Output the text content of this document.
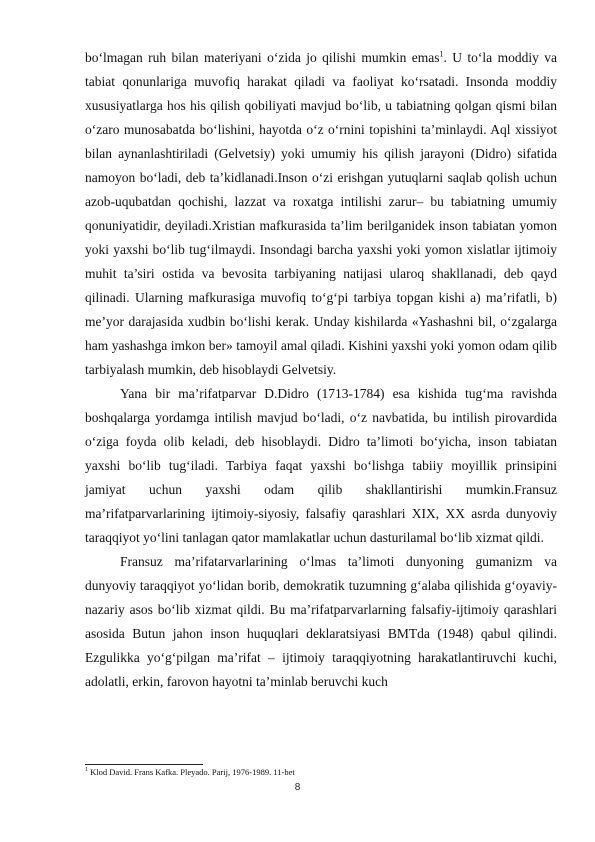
bo‘lmagan ruh bilan materiyani o‘zida jo qilishi mumkin emas$^1$. U to‘la moddiy va tabiat qonunlariga muvofiq harakat qiladi va faoliyat ko‘rsatadi. Insonda moddiy xususiyatlarga hos his qilish qobiliyati mavjud bo‘lib, u tabiatning qolgan qismi bilan o‘zaro munosabatda bo‘lishini, hayotda o‘z o‘rnini topishini ta’minlaydi. Aql xissiyot bilan aynanlashtiriladi (Gelvetsiy) yoki umumiy his qilish jarayoni (Didro) sifatida namoyon bo‘ladi, deb ta’kidlanadi.Inson o‘zi erishgan yutuqlarni saqlab qolish uchun azob-uqubatdan qochishi, lazzat va roxatga intilishi zarur– bu tabiatning umumiy qonuniyatidir, deyiladi.Xristian mafkurasida ta’lim berilganidek inson tabiatan yomon yoki yaxshi bo‘lib tug‘ilmaydi. Insondagi barcha yaxshi yoki yomon xislatlar ijtimoiy muhit ta’siri ostida va bevosita tarbiyaning natijasi ularoq shakllanadi, deb qayd qilinadi. Ularning mafkurasiga muvofiq to‘g‘pi tarbiya topgan kishi a) ma’rifatli, b) me’yor darajasida xudbin bo‘lishi kerak. Unday kishilarda «Yashashni bil, o‘zgalarga ham yashashga imkon ber» tamoyil amal qiladi. Kishini yaxshi yoki yomon odam qilib tarbiyalash mumkin, deb hisoblaydi Gelvetsiy.

Yana bir ma’rifatparvar D.Didro (1713-1784) esa kishida tug‘ma ravishda boshqalarga yordamga intilish mavjud bo‘ladi, o‘z navbatida, bu intilish pirovardida o‘ziga foyda olib keladi, deb hisoblaydi. Didro ta’limoti bo‘yicha, inson tabiatan yaxshi bo‘lib tug‘iladi. Tarbiya faqat yaxshi bo‘lishga tabiiy moyillik prinsipini jamiyat uchun yaxshi odam qilib shakllantirishi mumkin.Fransuz ma’rifatparvarlarining ijtimoiy-siyosiy, falsafiy qarashlari XIX, XX asrda dunyoviy taraqqiyot yo‘lini tanlagan qator mamlakatlar uchun dasturilamal bo‘lib xizmat qildi.

Fransuz ma’rifatarvarlarining o‘lmas ta’limoti dunyoning gumanizm va dunyoviy taraqqiyot yo‘lidan borib, demokratik tuzumning g‘alaba qilishida g‘oyaviy-nazariy asos bo‘lib xizmat qildi. Bu ma’rifatparvarlarning falsafiy-ijtimoiy qarashlari asosida Butun jahon inson huquqlari deklaratsiyasi BMTda (1948) qabul qilindi. Ezgulikka yo‘g‘pilgan ma’rifat – ijtimoiy taraqqiyotning harakatlantiruvchi kuchi, adolatli, erkin, farovon hayotni ta’minlab beruvchi kuch

$^1$ Klod David. Frans Kafka. Pleyado. Parij, 1976-1989. 11-bet
8
